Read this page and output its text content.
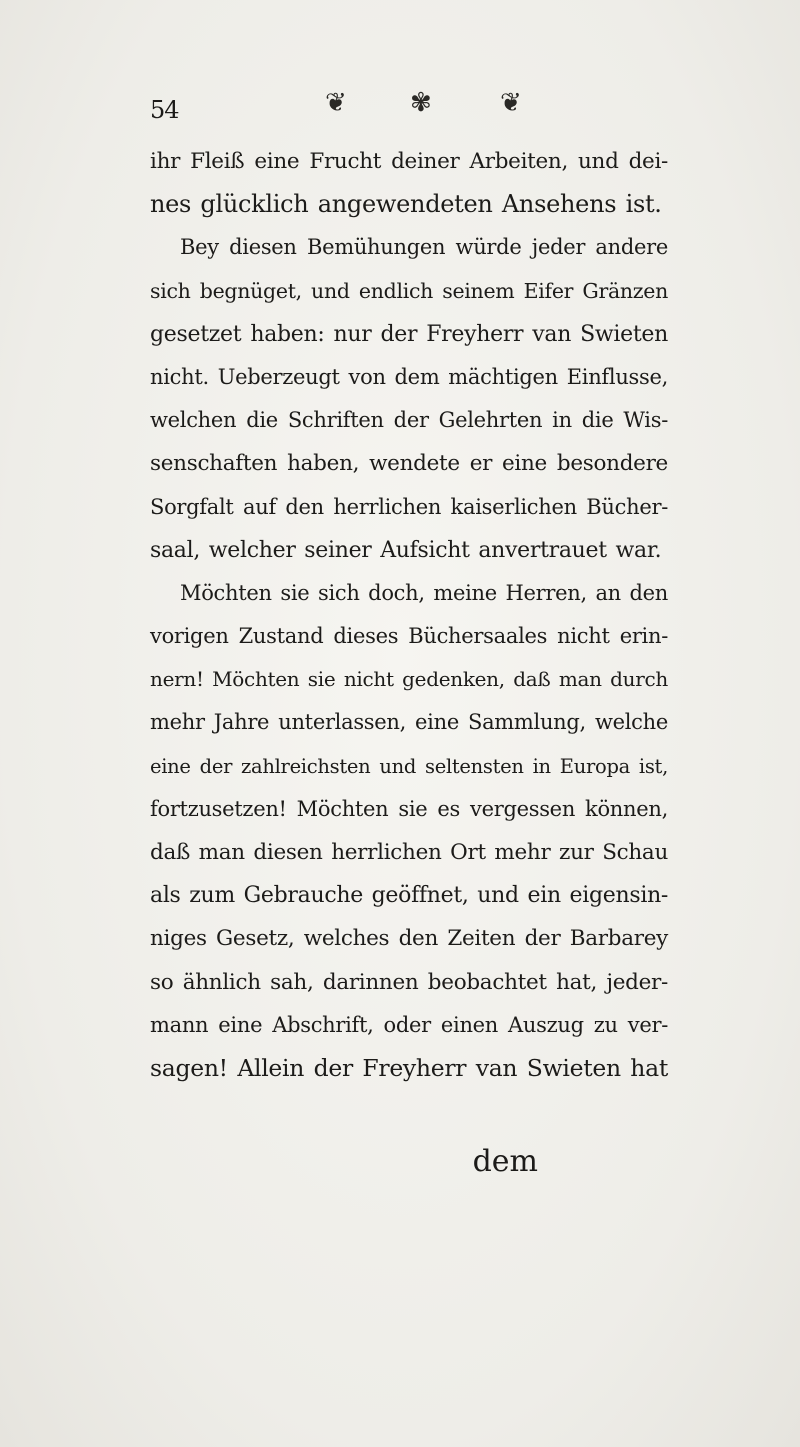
54	❦ ✾	❦
ihr Fleiß eine Frucht deiner Arbeiten, und dei-
nes glücklich angewendeten Ansehens ist.
Bey diesen Bemühungen würde jeder andere
sich begnüget, und endlich seinem Eifer Gränzen
gesetzet haben: nur der Freyherr van Swieten
nicht. Ueberzeugt von dem mächtigen Einflusse,
welchen die Schriften der Gelehrten in die Wis-
senschaften haben, wendete er eine besondere
Sorgfalt auf den herrlichen kaiserlichen Bücher-
saal, welcher seiner Aufsicht anvertrauet war.
Möchten sie sich doch, meine Herren, an den
vorigen Zustand dieses Büchersaales nicht erin-
nern! Möchten sie nicht gedenken, daß man durch
mehr Jahre unterlassen, eine Sammlung, welche
eine der zahlreichsten und seltensten in Europa ist,
fortzusetzen! Möchten sie es vergessen können,
daß man diesen herrlichen Ort mehr zur Schau
als zum Gebrauche geöffnet, und ein eigensin-
niges Gesetz, welches den Zeiten der Barbarey
so ähnlich sah, darinnen beobachtet hat, jeder-
mann eine Abschrift, oder einen Auszug zu ver-
sagen! Allein der Freyherr van Swieten hat
dem
